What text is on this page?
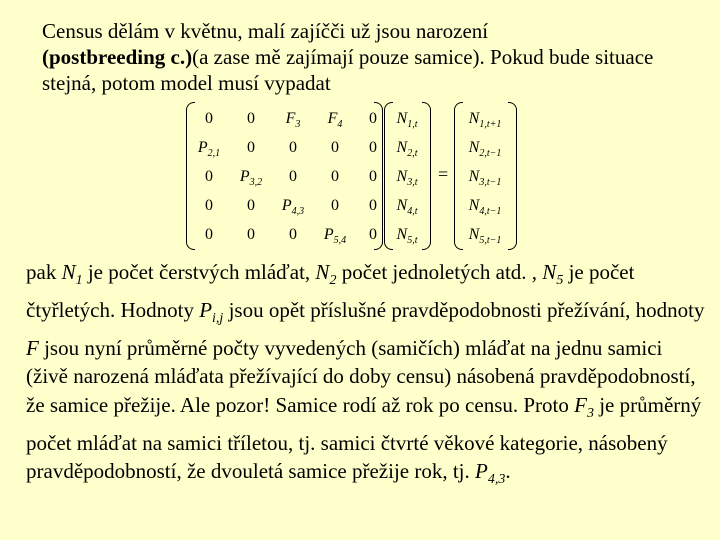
Census dělám v květnu, malí zajíčči už jsou narození
(postbreeding c.)(a zase mě zajímají pouze samice). Pokud bude situace stejná, potom model musí vypadat
=
0	0	$F_3$	$F_4$	0
$P_{2,1}$	0	0	0	0
0	$P_{3,2}$	0	0	0
0	0	$P_{4,3}$	0	0
0	0	0	$P_{5,4}$	0
$N_{1,t}$
$N_{2,t}$
$N_{3,t}$
$N_{4,t}$
$N_{5,t}$
$N_{1,t+1}$
$N_{2,t-1}$
$N_{3,t-1}$
$N_{4,t-1}$
$N_{5,t-1}$
pak $N_1$ je počet čerstvých mláďat, $N_2$ počet jednoletých atd. , $N_5$ je počet čtyřletých. Hodnoty $P_{i,j}$ jsou opět příslušné pravděpodobnosti přežívání, hodnoty F jsou nyní průměrné počty vyvedených (samičích) mláďat na jednu samici (živě narozená mláďata přežívající do doby censu) násobená pravděpodobností, že samice přežije. Ale pozor! Samice rodí až rok po censu. Proto $F_3$ je průměrný počet mláďat na samici tříletou, tj. samici čtvrté věkové kategorie, násobený pravděpodobností, že dvouletá samice přežije rok, tj. $P_{4,3}$.
